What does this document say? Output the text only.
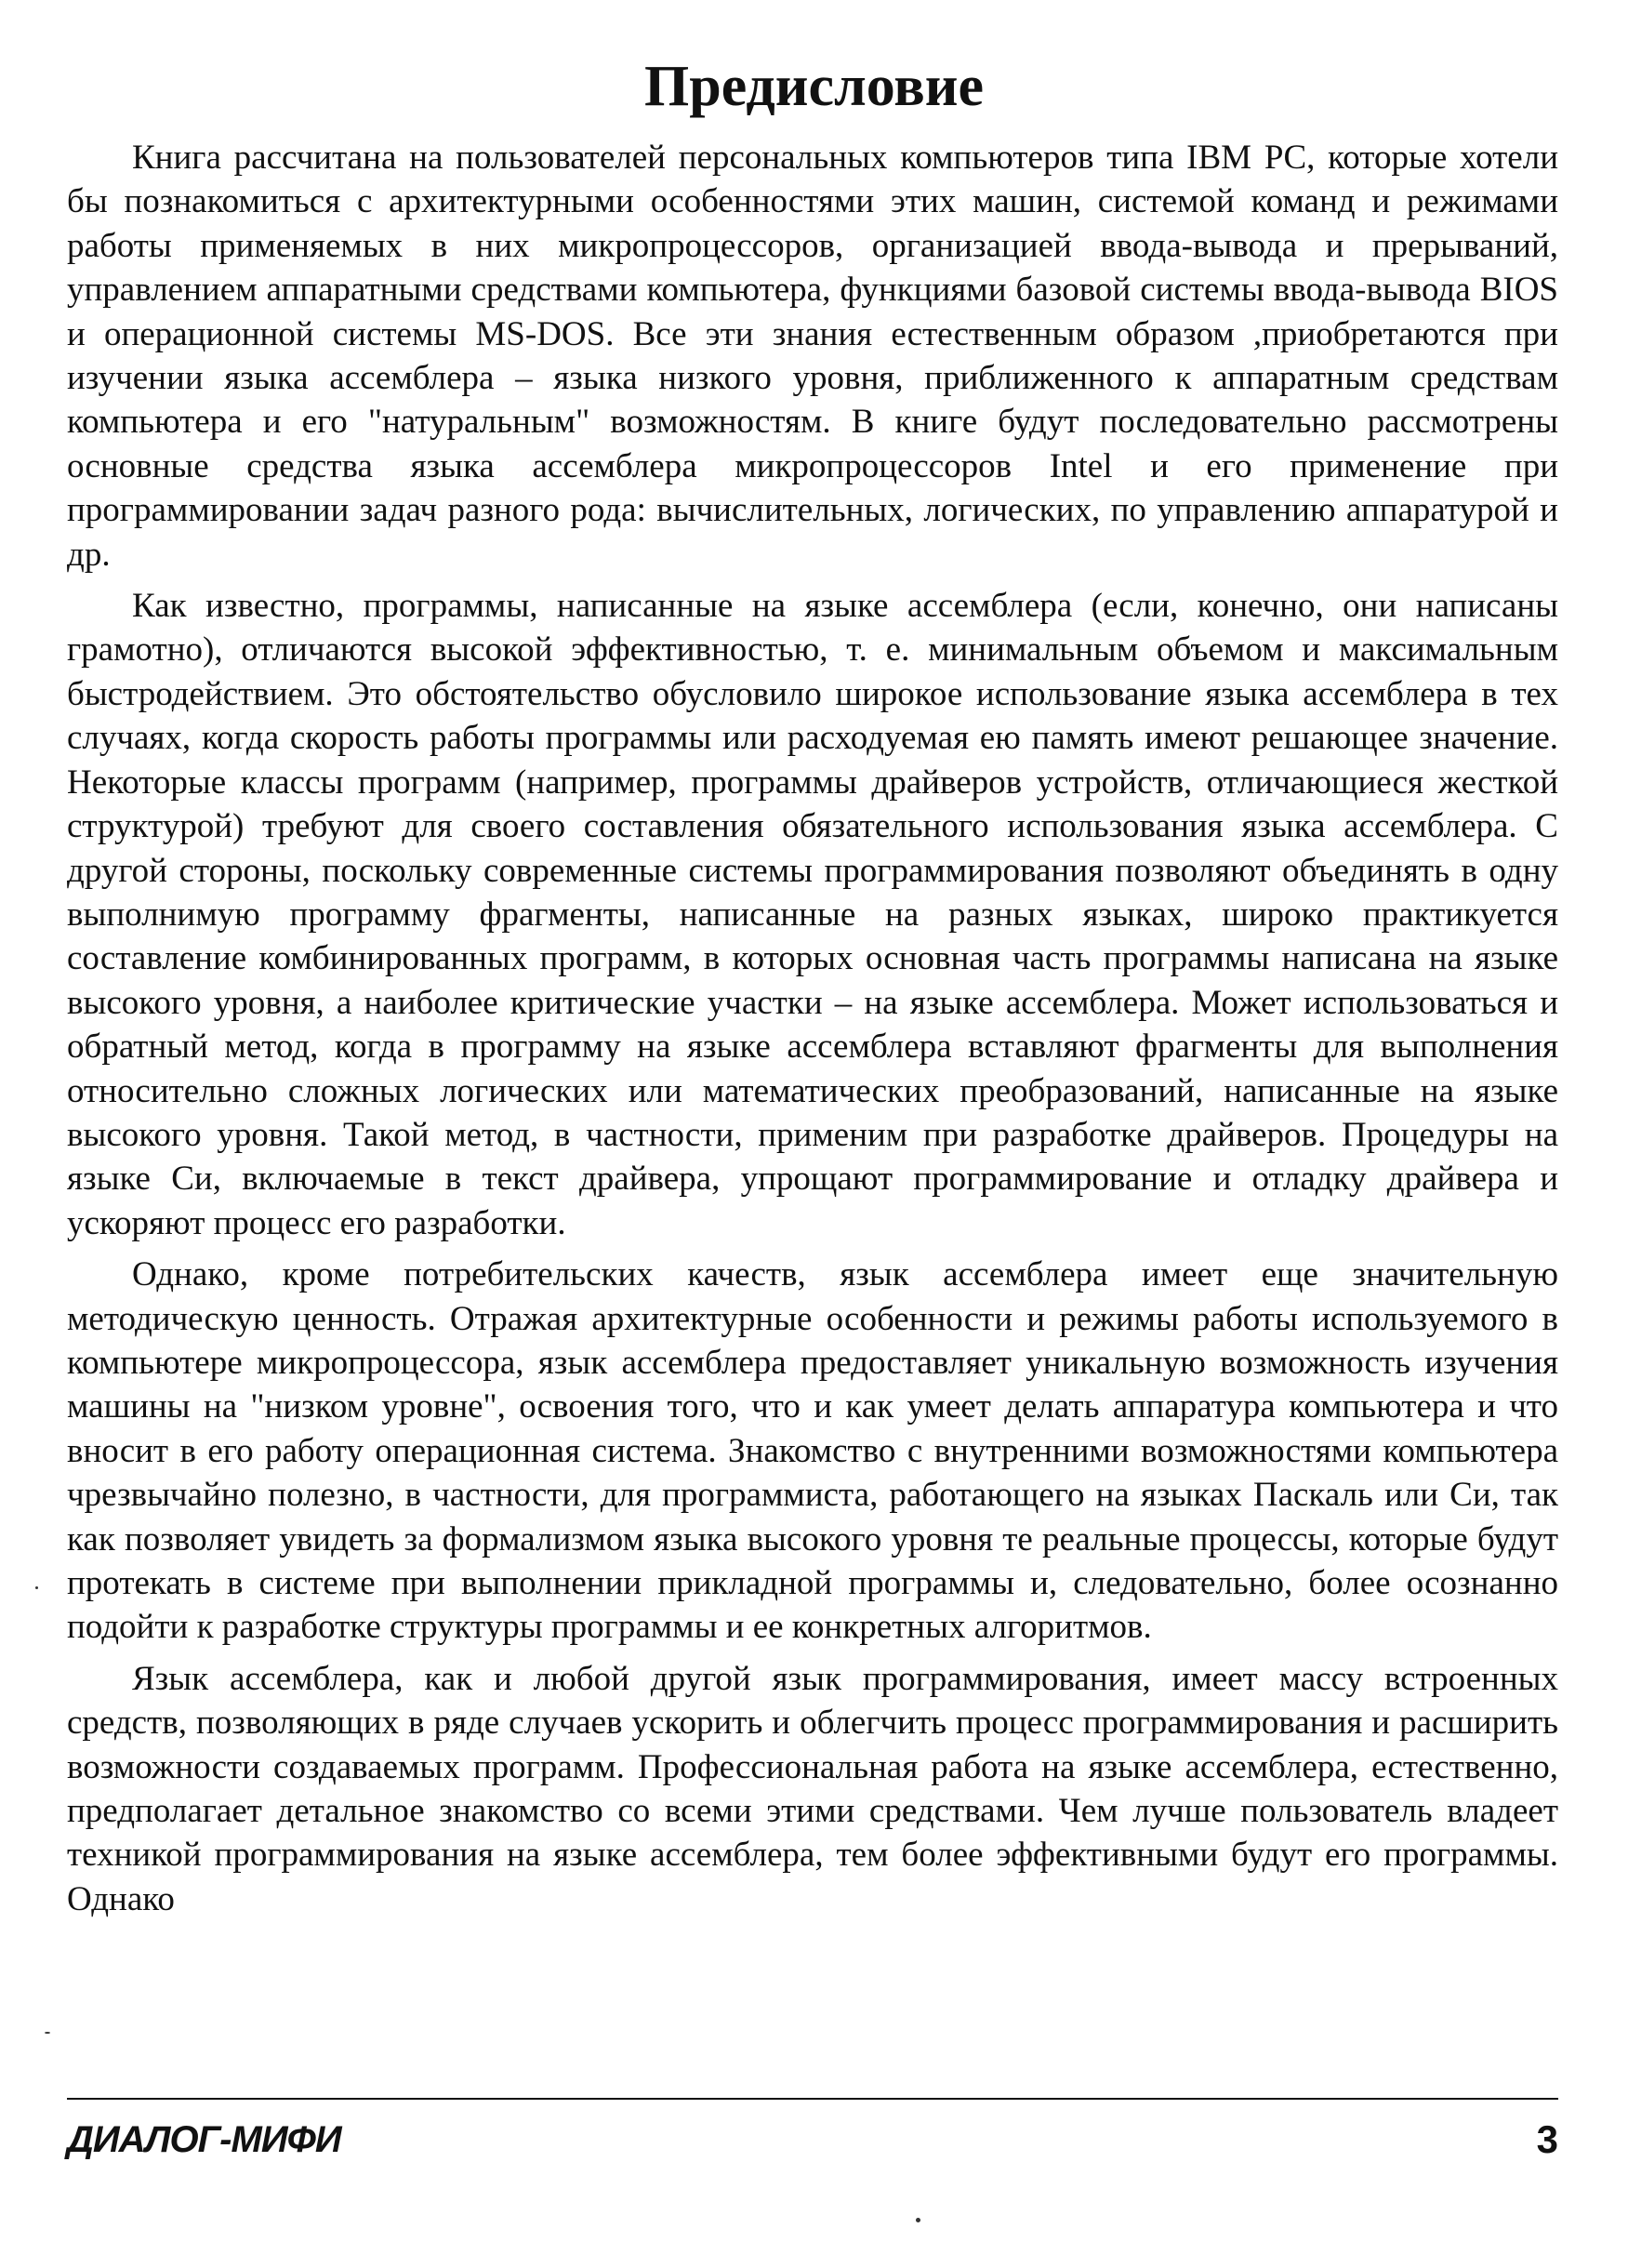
Предисловие

Книга рассчитана на пользователей персональных компьютеров типа IBM PC, которые хотели бы познакомиться с архитектурными особенностями этих машин, системой команд и режимами работы применяемых в них микропроцессоров, организацией ввода-вывода и прерываний, управлением аппаратными средствами компьютера, функциями базовой системы ввода-вывода BIOS и операционной системы MS-DOS. Все эти знания естественным образом ,приобретаются при изучении языка ассемблера – языка низкого уровня, приближенного к аппаратным средствам компьютера и его "натуральным" возможностям. В книге будут последовательно рассмотрены основные средства языка ассемблера микропроцессоров Intel и его применение при программировании задач разного рода: вычислительных, логических, по управлению аппаратурой и др.

Как известно, программы, написанные на языке ассемблера (если, конечно, они написаны грамотно), отличаются высокой эффективностью, т. е. минимальным объемом и максимальным быстродействием. Это обстоятельство обусловило широкое использование языка ассемблера в тех случаях, когда скорость работы программы или расходуемая ею память имеют решающее значение. Некоторые классы программ (например, программы драйверов устройств, отличающиеся жесткой структурой) требуют для своего составления обязательного использования языка ассемблера. С другой стороны, поскольку современные системы программирования позволяют объединять в одну выполнимую программу фрагменты, написанные на разных языках, широко практикуется составление комбинированных программ, в которых основная часть программы написана на языке высокого уровня, а наиболее критические участки – на языке ассемблера. Может использоваться и обратный метод, когда в программу на языке ассемблера вставляют фрагменты для выполнения относительно сложных логических или математических преобразований, написанные на языке высокого уровня. Такой метод, в частности, применим при разработке драйверов. Процедуры на языке Си, включаемые в текст драйвера, упрощают программирование и отладку драйвера и ускоряют процесс его разработки.

Однако, кроме потребительских качеств, язык ассемблера имеет еще значительную методическую ценность. Отражая архитектурные особенности и режимы работы используемого в компьютере микропроцессора, язык ассемблера предоставляет уникальную возможность изучения машины на "низком уровне", освоения того, что и как умеет делать аппаратура компьютера и что вносит в его работу операционная система. Знакомство с внутренними возможностями компьютера чрезвычайно полезно, в частности, для программиста, работающего на языках Паскаль или Си, так как позволяет увидеть за формализмом языка высокого уровня те реальные процессы, которые будут протекать в системе при выполнении прикладной программы и, следовательно, более осознанно подойти к разработке структуры программы и ее конкретных алгоритмов.

Язык ассемблера, как и любой другой язык программирования, имеет массу встроенных средств, позволяющих в ряде случаев ускорить и облегчить процесс программирования и расширить возможности создаваемых программ. Профессиональная работа на языке ассемблера, естественно, предполагает детальное знакомство со всеми этими средствами. Чем лучше пользователь владеет техникой программирования на языке ассемблера, тем более эффективными будут его программы. Однако

ДИАЛОГ-МИФИ	3
